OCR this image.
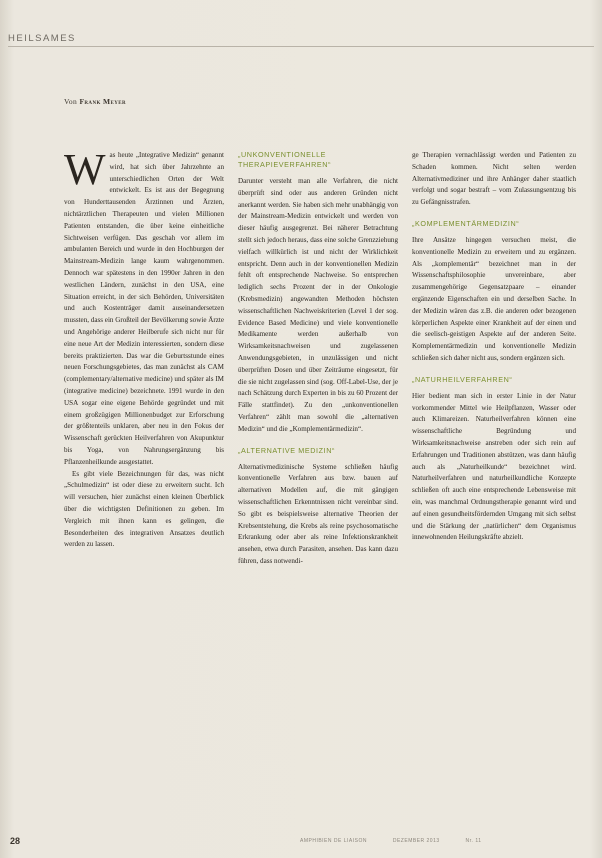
HEILSAMES
Von Frank Meyer

Was heute „Integrative Medizin“ genannt wird, hat sich über Jahrzehnte an unterschiedlichen Orten der Welt entwickelt. Es ist aus der Begegnung von Hunderttausenden Ärztinnen und Ärzten, nichtärztlichen Therapeuten und vielen Millionen Patienten entstanden, die über keine einheitliche Sichtweisen verfügen. Das geschah vor allem im ambulanten Bereich und wurde in den Hochburgen der Mainstream-Medizin lange kaum wahrgenommen. Dennoch war spätestens in den 1990er Jahren in den westlichen Ländern, zunächst in den USA, eine Situation erreicht, in der sich Behörden, Universitäten und auch Kostenträger damit auseinandersetzen mussten, dass ein Großteil der Bevölkerung sowie Ärzte und Angehörige anderer Heilberufe sich nicht nur für eine neue Art der Medizin interessierten, sondern diese bereits praktizierten. Das war die Geburtsstunde eines neuen Forschungsgebietes, das man zunächst als CAM (complementary/alternative medicine) und später als IM (integrative medicine) bezeichnete. 1991 wurde in den USA sogar eine eigene Behörde gegründet und mit einem großzügigen Millionenbudget zur Erforschung der größtenteils unklaren, aber neu in den Fokus der Wissenschaft gerückten Heilverfahren von Akupunktur bis Yoga, von Nahrungsergänzung bis Pflanzenheilkunde ausgestattet.

Es gibt viele Bezeichnungen für das, was nicht „Schulmedizin“ ist oder diese zu erweitern sucht. Ich will versuchen, hier zunächst einen kleinen Überblick über die wichtigsten Definitionen zu geben. Im Vergleich mit ihnen kann es gelingen, die Besonderheiten des integrativen Ansatzes deutlich werden zu lassen.

„UNKONVENTIONELLE THERAPIEVERFAHREN“

Darunter versteht man alle Verfahren, die nicht überprüft sind oder aus anderen Gründen nicht anerkannt werden. Sie haben sich mehr unabhängig von der Mainstream-Medizin entwickelt und werden von dieser häufig ausgegrenzt. Bei näherer Betrachtung stellt sich jedoch heraus, dass eine solche Grenzziehung vielfach willkürlich ist und nicht der Wirklichkeit entspricht. Denn auch in der konventionellen Medizin fehlt oft entsprechende Nachweise. So entsprechen lediglich sechs Prozent der in der Onkologie (Krebsmedizin) angewandten Methoden höchsten wissenschaftlichen Nachweiskriterien (Level 1 der sog. Evidence Based Medicine) und viele konventionelle Medikamente werden außerhalb von Wirksamkeitsnachweisen und zugelassenen Anwendungsgebieten, in unzulässigen und nicht überprüften Dosen und über Zeiträume eingesetzt, für die sie nicht zugelassen sind (sog. Off-Label-Use, der je nach Schätzung durch Experten in bis zu 60 Prozent der Fälle stattfindet). Zu den „unkonventionellen Verfahren“ zählt man sowohl die „alternativen Medizin“ und die „Komplementärmedizin“.

„ALTERNATIVE MEDIZIN“

Alternativmedizinische Systeme schließen häufig konventionelle Verfahren aus bzw. bauen auf alternativen Modellen auf, die mit gängigen wissenschaftlichen Erkenntnissen nicht vereinbar sind. So gibt es beispielsweise alternative Theorien der Krebsentstehung, die Krebs als reine psychosomatische Erkrankung oder aber als reine Infektionskrankheit ansehen, etwa durch Parasiten, ansehen. Das kann dazu führen, dass notwendi-

ge Therapien vernachlässigt werden und Patienten zu Schaden kommen. Nicht selten werden Alternativmediziner und ihre Anhänger daher staatlich verfolgt und sogar bestraft – vom Zulassungsentzug bis zu Gefängnisstrafen.

„KOMPLEMENTÄRMEDIZIN“

Ihre Ansätze hingegen versuchen meist, die konventionelle Medizin zu erweitern und zu ergänzen. Als „komplementär“ bezeichnet man in der Wissenschaftsphilosophie unvereinbare, aber zusammengehörige Gegensatzpaare – einander ergänzende Eigenschaften ein und derselben Sache. In der Medizin wären das z.B. die anderen oder bezogenen körperlichen Aspekte einer Krankheit auf der einen und die seelisch-geistigen Aspekte auf der anderen Seite. Komplementärmedizin und konventionelle Medizin schließen sich daher nicht aus, sondern ergänzen sich.

„NATURHEILVERFAHREN“

Hier bedient man sich in erster Linie in der Natur vorkommender Mittel wie Heilpflanzen, Wasser oder auch Klimareizen. Naturheilverfahren können eine wissenschaftliche Begründung und Wirksamkeitsnachweise anstreben oder sich rein auf Erfahrungen und Traditionen abstützen, was dann häufig auch als „Naturheilkunde“ bezeichnet wird. Naturheilverfahren und naturheilkundliche Konzepte schließen oft auch eine entsprechende Lebensweise mit ein, was manchmal Ordnungstherapie genannt wird und auf einen gesundheitsfördernden Umgang mit sich selbst und die Stärkung der „natürlichen“ dem Organismus innewohnenden Heilungskräfte abzielt.

28	AMPHIBIEN DE LIAISON	DEZEMBER 2013	Nr. 11
